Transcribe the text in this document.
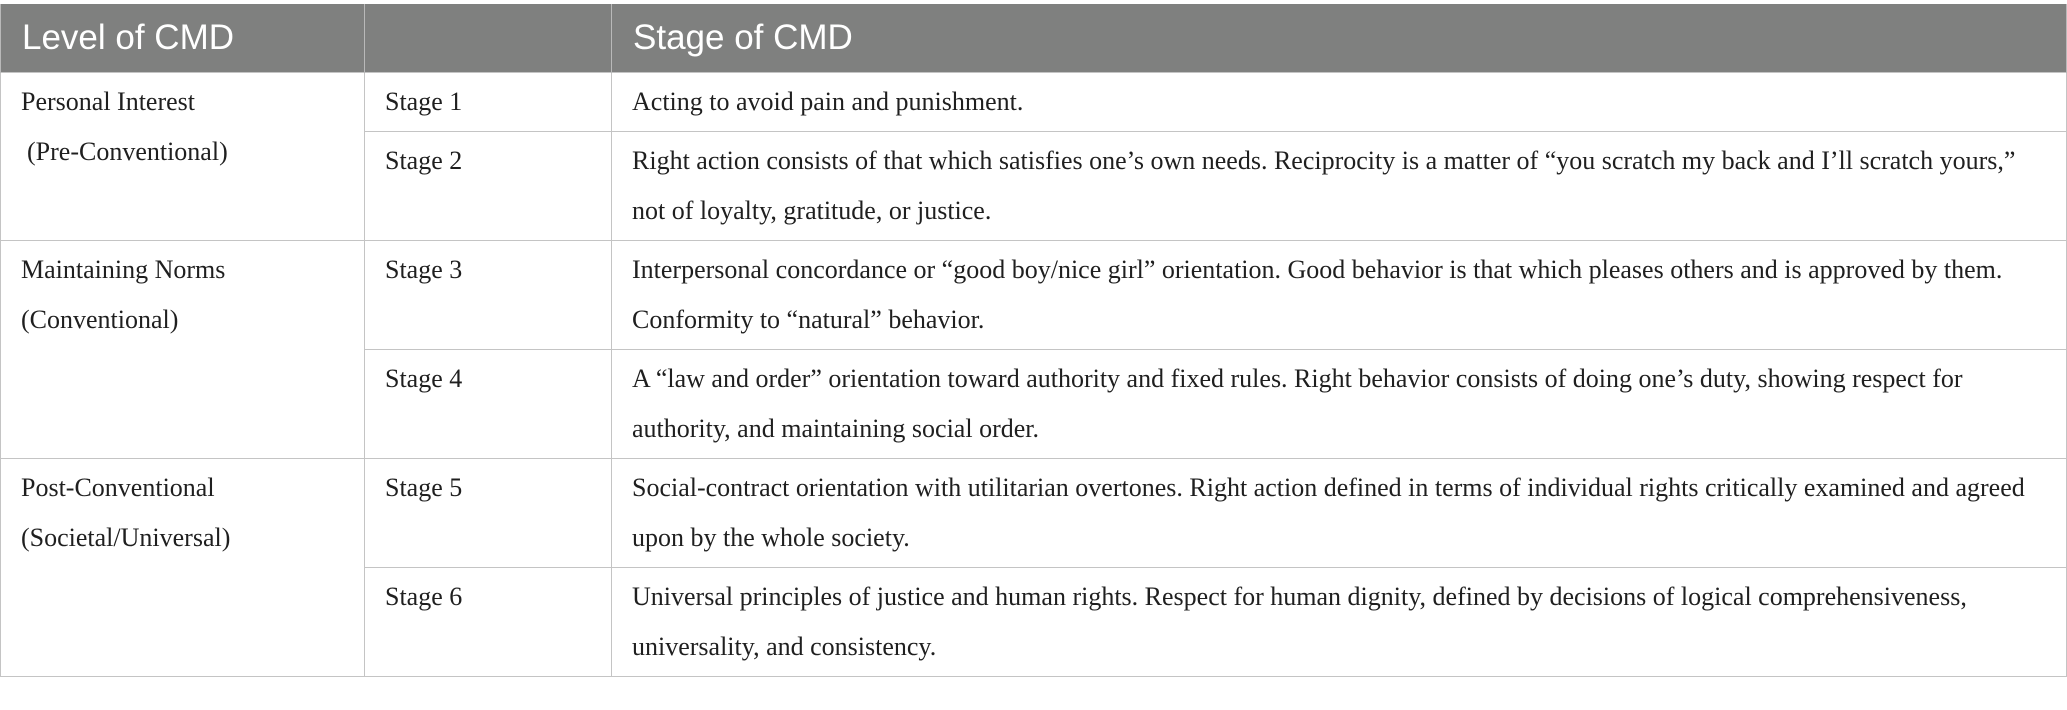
Level of CMD		Stage of CMD

Personal Interest
(Pre-Conventional)	Stage 1	Acting to avoid pain and punishment.
	Stage 2	Right action consists of that which satisfies one’s own needs. Reciprocity is a matter of “you scratch my back and I’ll scratch yours,” not of loyalty, gratitude, or justice.

Maintaining Norms
(Conventional)	Stage 3	Interpersonal concordance or “good boy/nice girl” orientation. Good behavior is that which pleases others and is approved by them. Conformity to “natural” behavior.
	Stage 4	A “law and order” orientation toward authority and fixed rules. Right behavior consists of doing one’s duty, showing respect for authority, and maintaining social order.

Post-Conventional
(Societal/Universal)	Stage 5	Social-contract orientation with utilitarian overtones. Right action defined in terms of individual rights critically examined and agreed upon by the whole society.
	Stage 6	Universal principles of justice and human rights. Respect for human dignity, defined by decisions of logical comprehensiveness, universality, and consistency.
